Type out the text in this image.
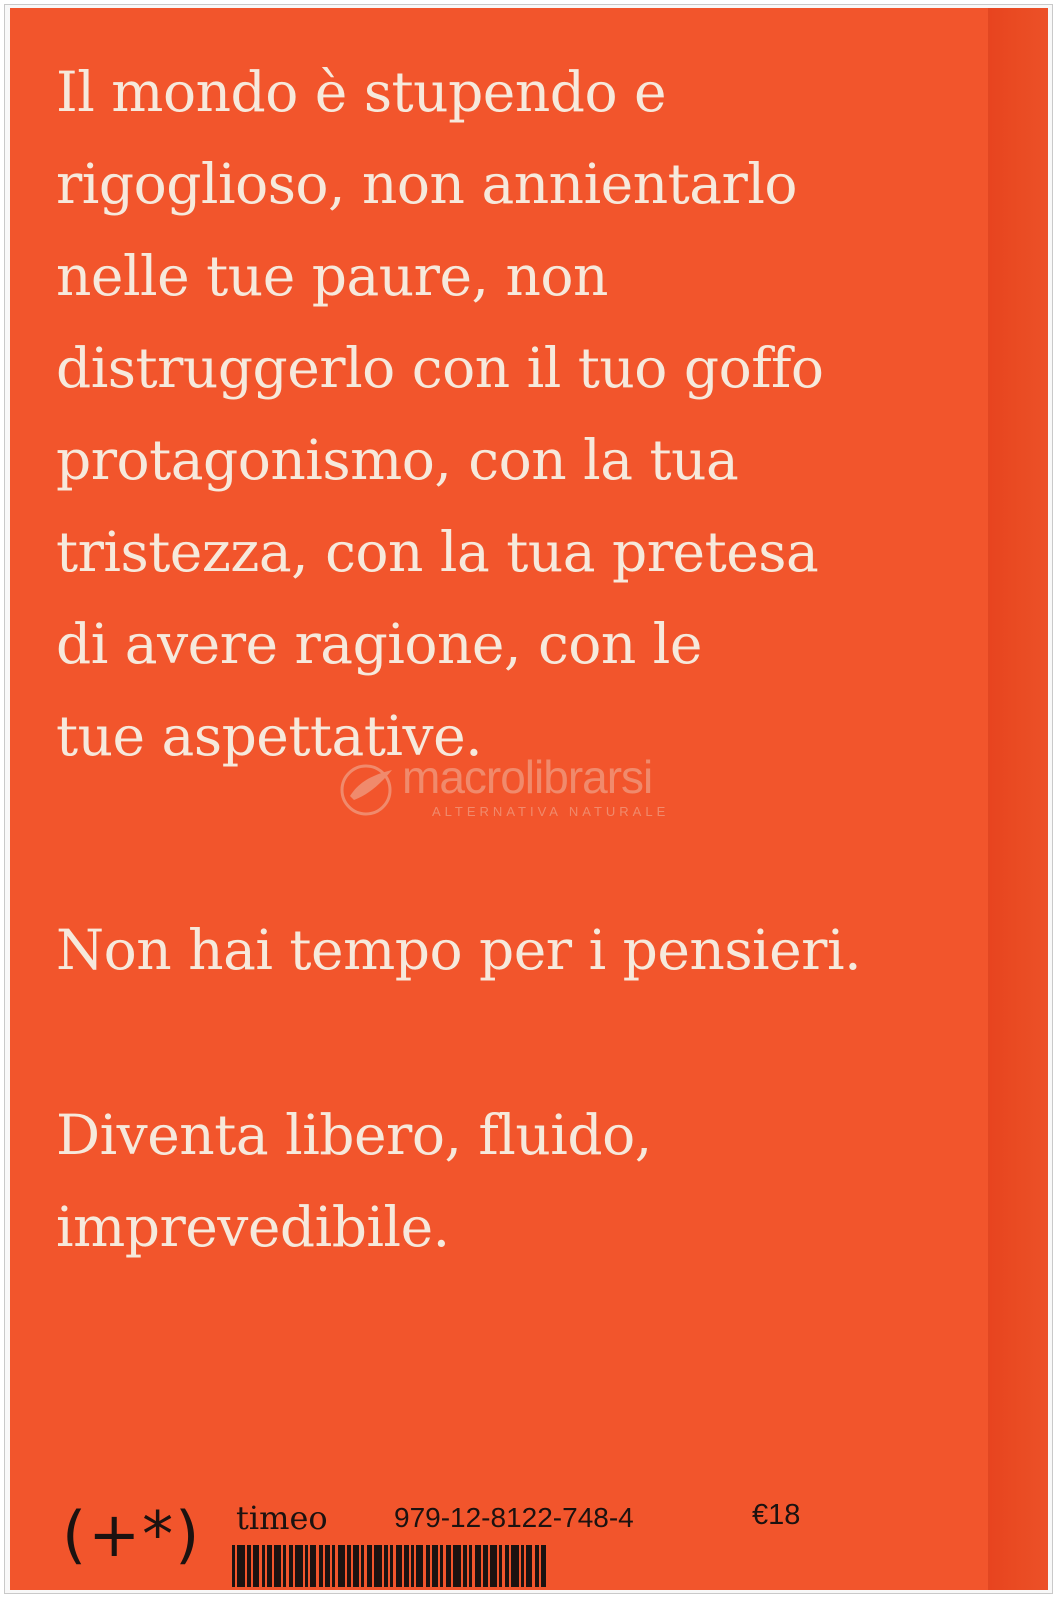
Il mondo è stupendo e
rigoglioso, non annientarlo
nelle tue paure, non
distruggerlo con il tuo goffo
protagonismo, con la tua
tristezza, con la tua pretesa
di avere ragione, con le
tue aspettative.

Non hai tempo per i pensieri.

Diventa libero, fluido,
imprevedibile.

macrolibrarsi
ALTERNATIVA NATURALE
(+*) timeo 979-12-8122-748-4	€18
